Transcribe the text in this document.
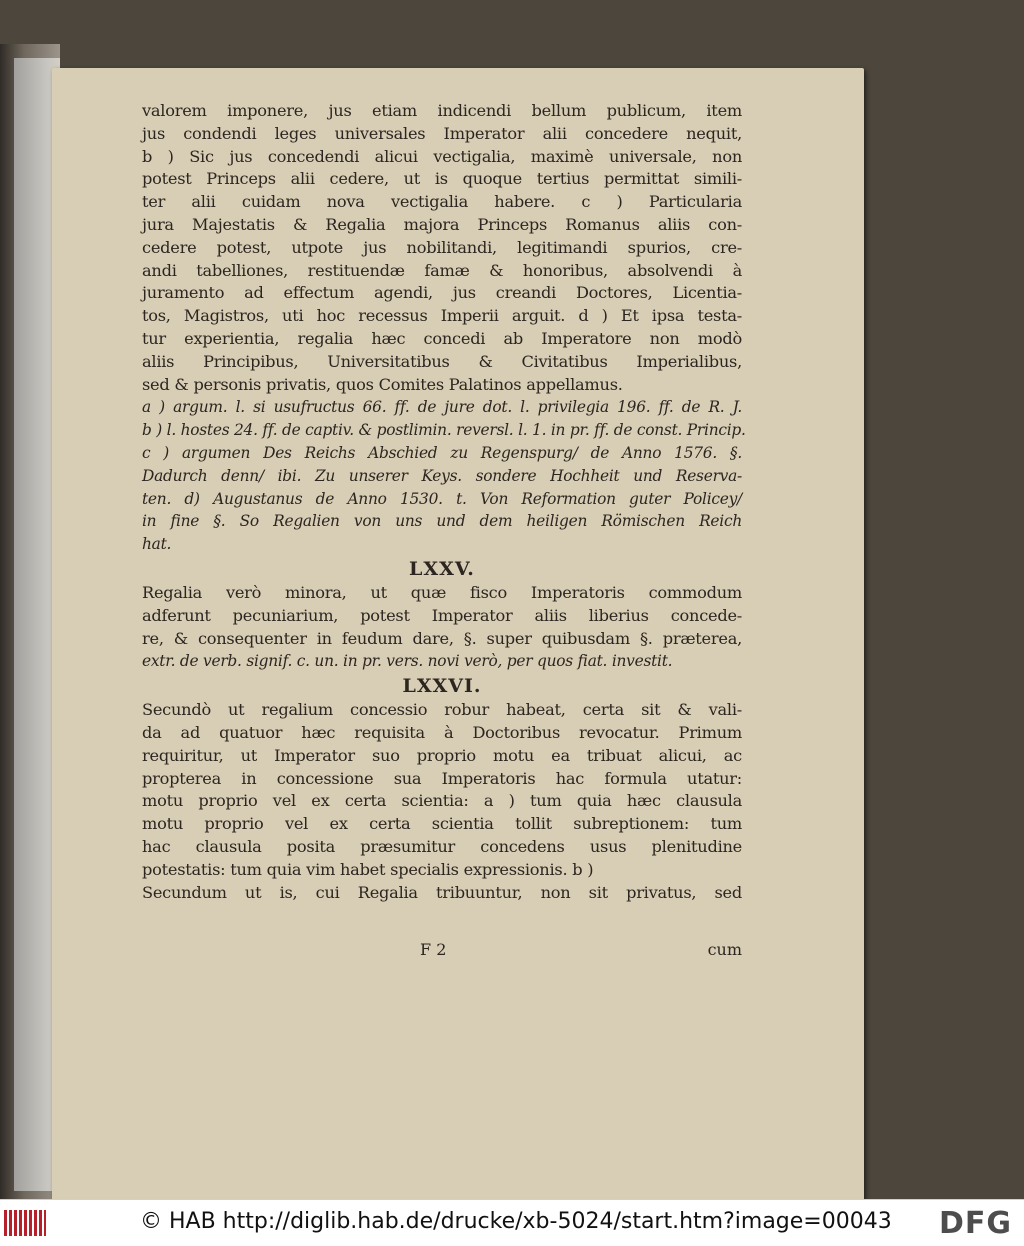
valorem imponere, jus etiam indicendi bellum publicum, item
jus condendi leges universales Imperator alii concedere nequit,
b ) Sic jus concedendi alicui vectigalia, maximè universale, non
potest Princeps alii cedere, ut is quoque tertius permittat simili-
ter alii cuidam nova vectigalia habere. c ) Particularia
jura Majestatis & Regalia majora Princeps Romanus aliis con-
cedere potest, utpote jus nobilitandi, legitimandi spurios, cre-
andi tabelliones, restituendæ famæ & honoribus, absolvendi à
juramento ad effectum agendi, jus creandi Doctores, Licentia-
tos, Magistros, uti hoc recessus Imperii arguit. d ) Et ipsa testa-
tur experientia, regalia hæc concedi ab Imperatore non modò
aliis Principibus, Universitatibus & Civitatibus Imperialibus,
sed & personis privatis, quos Comites Palatinos appellamus.
a ) argum. l. si usufructus 66. ff. de jure dot. l. privilegia 196. ff. de R. J.
b ) l. hostes 24. ff. de captiv. & postlimin. reversl. l. 1. in pr. ff. de const. Princip.
c ) argumen Des Reichs Abschied zu Regenspurg/ de Anno 1576. §.
Dadurch denn/ ibi. Zu unserer Keys. sondere Hochheit und Reserva-
ten. d) Augustanus de Anno 1530. t. Von Reformation guter Policey/
in fine §. So Regalien von uns und dem heiligen Römischen Reich
hat.
LXXV.
Regalia verò minora, ut quæ fisco Imperatoris commodum
adferunt pecuniarium, potest Imperator aliis liberius concede-
re, & consequenter in feudum dare, §. super quibusdam §. præterea,
extr. de verb. signif. c. un. in pr. vers. novi verò, per quos fiat. investit.
LXXVI.
Secundò ut regalium concessio robur habeat, certa sit & vali-
da ad quatuor hæc requisita à Doctoribus revocatur. Primum
requiritur, ut Imperator suo proprio motu ea tribuat alicui, ac
propterea in concessione sua Imperatoris hac formula utatur:
motu proprio vel ex certa scientia: a ) tum quia hæc clausula
motu proprio vel ex certa scientia tollit subreptionem: tum
hac clausula posita præsumitur concedens usus plenitudine
potestatis: tum quia vim habet specialis expressionis. b )
Secundum ut is, cui Regalia tribuuntur, non sit privatus, sed
F 2	cum
© HAB http://diglib.hab.de/drucke/xb-5024/start.htm?image=00043 DFG
